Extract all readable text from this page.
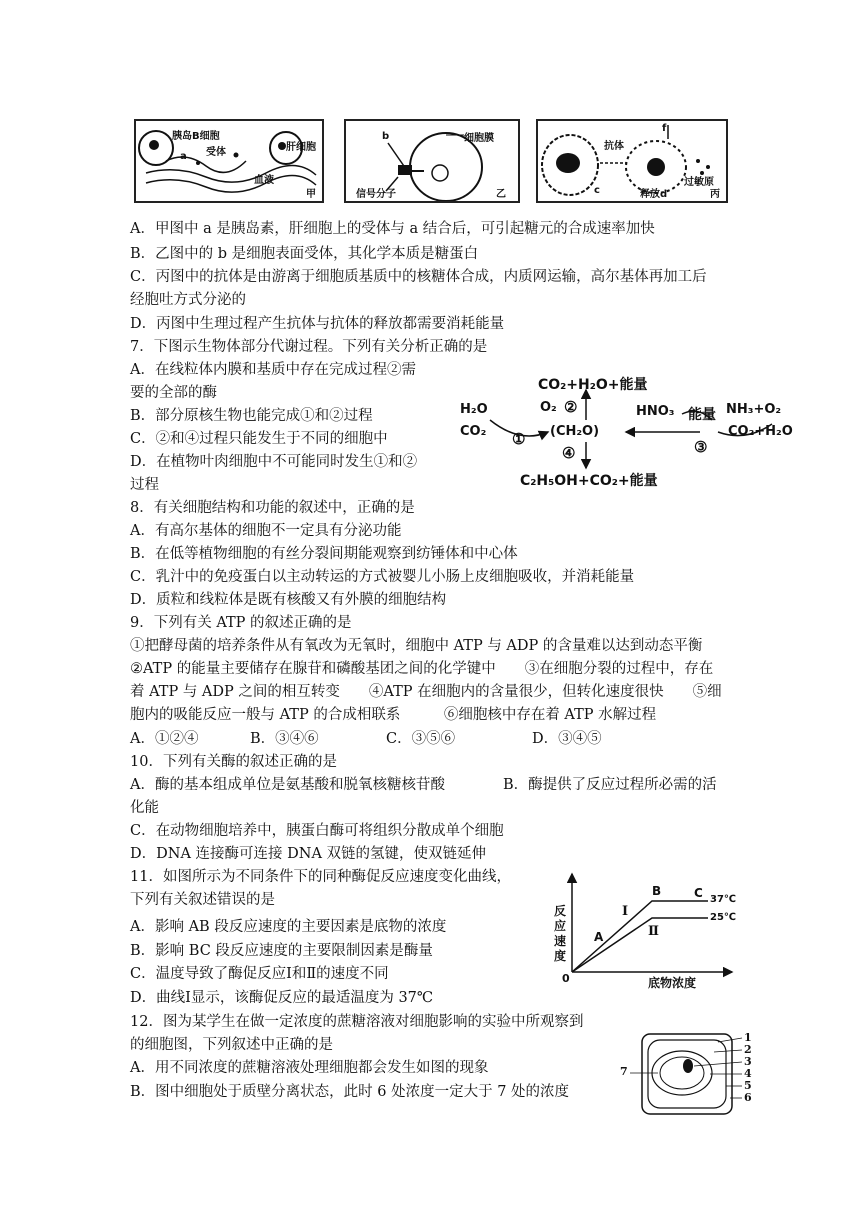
胰岛B细胞
受体	肝细胞
a
血液
甲
b	细胞膜
信号分子	乙
抗体
f
c	释放d
过敏原
丙
A．甲图中 a 是胰岛素，肝细胞上的受体与 a 结合后，可引起糖元的合成速率加快
B．乙图中的 b 是细胞表面受体，其化学本质是糖蛋白
C．丙图中的抗体是由游离于细胞质基质中的核糖体合成，内质网运输，高尔基体再加工后
经胞吐方式分泌的
D．丙图中生理过程产生抗体与抗体的释放都需要消耗能量
7．下图示生物体部分代谢过程。下列有关分析正确的是
A．在线粒体内膜和基质中存在完成过程②需
要的全部的酶
B．部分原核生物也能完成①和②过程
C．②和④过程只能发生于不同的细胞中
D．在植物叶肉细胞中不可能同时发生①和②
过程
CO₂+H₂O+能量
O₂ ②
H₂O
CO₂ ① (CH₂O)
④
C₂H₅OH+CO₂+能量
HNO₃ 能量 NH₃+O₂
CO₂+H₂O
③
8．有关细胞结构和功能的叙述中，正确的是
A．有高尔基体的细胞不一定具有分泌功能
B．在低等植物细胞的有丝分裂间期能观察到纺锤体和中心体
C．乳汁中的免疫蛋白以主动转运的方式被婴儿小肠上皮细胞吸收，并消耗能量
D．质粒和线粒体是既有核酸又有外膜的细胞结构
9．下列有关 ATP 的叙述正确的是
①把酵母菌的培养条件从有氧改为无氧时，细胞中 ATP 与 ADP 的含量难以达到动态平衡
②ATP 的能量主要储存在腺苷和磷酸基团之间的化学键中　　③在细胞分裂的过程中，存在
着 ATP 与 ADP 之间的相互转变　　④ATP 在细胞内的含量很少，但转化速度很快　　⑤细
胞内的吸能反应一般与 ATP 的合成相联系　　　⑥细胞核中存在着 ATP 水解过程
A．①②④	B．③④⑥	C．③⑤⑥	D．③④⑤
10．下列有关酶的叙述正确的是
A．酶的基本组成单位是氨基酸和脱氧核糖核苷酸　　　　B．酶提供了反应过程所必需的活
化能
C．在动物细胞培养中，胰蛋白酶可将组织分散成单个细胞
D．DNA 连接酶可连接 DNA 双链的氢键，使双链延伸
11．如图所示为不同条件下的同种酶促反应速度变化曲线，
下列有关叙述错误的是
A．影响 AB 段反应速度的主要因素是底物的浓度
B．影响 BC 段反应速度的主要限制因素是酶量
C．温度导致了酶促反应Ⅰ和Ⅱ的速度不同
D．曲线Ⅰ显示，该酶促反应的最适温度为 37℃
反应速度
0	底物浓度
A
B	C
Ⅰ
Ⅱ
37℃
25℃
12．图为某学生在做一定浓度的蔗糖溶液对细胞影响的实验中所观察到
的细胞图，下列叙述中正确的是
A．用不同浓度的蔗糖溶液处理细胞都会发生如图的现象
B．图中细胞处于质壁分离状态，此时 6 处浓度一定大于 7 处的浓度
1
2
3
4
5
6
7
